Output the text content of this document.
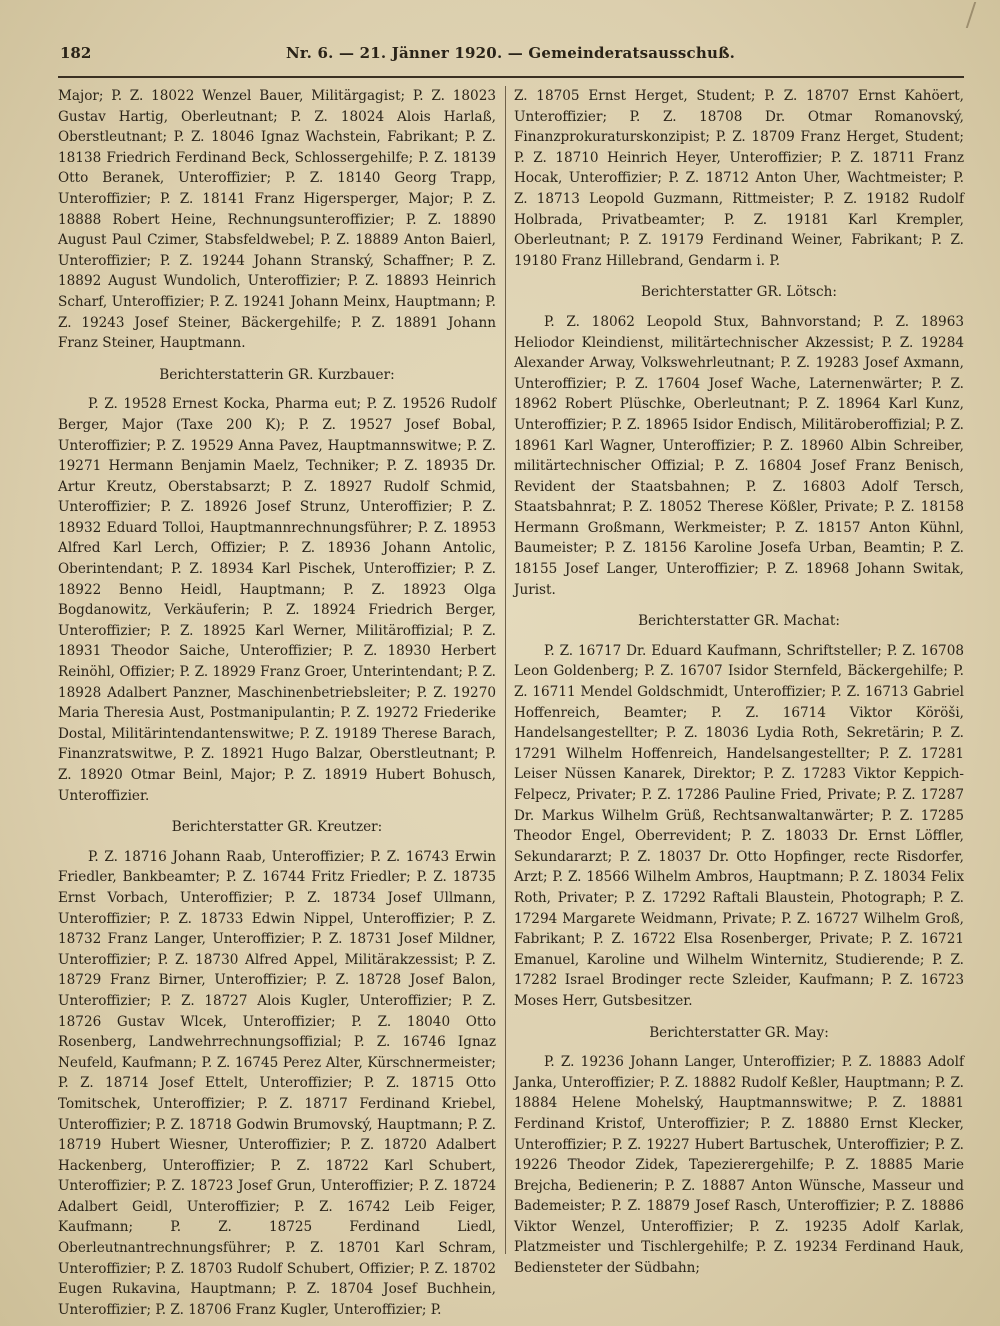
182	Nr. 6. — 21. Jänner 1920. — Gemeinderatsausschuß.

Major; P. Z. 18022 Wenzel Bauer, Militärgagist; P. Z. 18023 Gustav Hartig, Oberleutnant; P. Z. 18024 Alois Harlaß, Oberstleutnant; P. Z. 18046 Ignaz Wachstein, Fabrikant; P. Z. 18138 Friedrich Ferdinand Beck, Schlossergehilfe; P. Z. 18139 Otto Beranek, Unteroffizier; P. Z. 18140 Georg Trapp, Unteroffizier; P. Z. 18141 Franz Higersperger, Major; P. Z. 18888 Robert Heine, Rechnungsunteroffizier; P. Z. 18890 August Paul Czimer, Stabsfeldwebel; P. Z. 18889 Anton Baierl, Unteroffizier; P. Z. 19244 Johann Stranský, Schaffner; P. Z. 18892 August Wundolich, Unteroffizier; P. Z. 18893 Heinrich Scharf, Unteroffizier; P. Z. 19241 Johann Meinx, Hauptmann; P. Z. 19243 Josef Steiner, Bäckergehilfe; P. Z. 18891 Johann Franz Steiner, Hauptmann.

Berichterstatterin GR. Kurzbauer:

P. Z. 19528 Ernest Kocka, Pharma eut; P. Z. 19526 Rudolf Berger, Major (Taxe 200 K); P. Z. 19527 Josef Bobal, Unteroffizier; P. Z. 19529 Anna Pavez, Hauptmannswitwe; P. Z. 19271 Hermann Benjamin Maelz, Techniker; P. Z. 18935 Dr. Artur Kreutz, Oberstabsarzt; P. Z. 18927 Rudolf Schmid, Unteroffizier; P. Z. 18926 Josef Strunz, Unteroffizier; P. Z. 18932 Eduard Tolloi, Hauptmannrechnungsführer; P. Z. 18953 Alfred Karl Lerch, Offizier; P. Z. 18936 Johann Antolic, Oberintendant; P. Z. 18934 Karl Pischek, Unteroffizier; P. Z. 18922 Benno Heidl, Hauptmann; P. Z. 18923 Olga Bogdanowitz, Verkäuferin; P. Z. 18924 Friedrich Berger, Unteroffizier; P. Z. 18925 Karl Werner, Militäroffizial; P. Z. 18931 Theodor Saiche, Unteroffizier; P. Z. 18930 Herbert Reinöhl, Offizier; P. Z. 18929 Franz Groer, Unterintendant; P. Z. 18928 Adalbert Panzner, Maschinenbetriebsleiter; P. Z. 19270 Maria Theresia Aust, Postmanipulantin; P. Z. 19272 Friederike Dostal, Militärintendantenswitwe; P. Z. 19189 Therese Barach, Finanzratswitwe, P. Z. 18921 Hugo Balzar, Oberstleutnant; P. Z. 18920 Otmar Beinl, Major; P. Z. 18919 Hubert Bohusch, Unteroffizier.

Berichterstatter GR. Kreutzer:

P. Z. 18716 Johann Raab, Unteroffizier; P. Z. 16743 Erwin Friedler, Bankbeamter; P. Z. 16744 Fritz Friedler; P. Z. 18735 Ernst Vorbach, Unteroffizier; P. Z. 18734 Josef Ullmann, Unteroffizier; P. Z. 18733 Edwin Nippel, Unteroffizier; P. Z. 18732 Franz Langer, Unteroffizier; P. Z. 18731 Josef Mildner, Unteroffizier; P. Z. 18730 Alfred Appel, Militärakzessist; P. Z. 18729 Franz Birner, Unteroffizier; P. Z. 18728 Josef Balon, Unteroffizier; P. Z. 18727 Alois Kugler, Unteroffizier; P. Z. 18726 Gustav Wlcek, Unteroffizier; P. Z. 18040 Otto Rosenberg, Landwehrrechnungsoffizial; P. Z. 16746 Ignaz Neufeld, Kaufmann; P. Z. 16745 Perez Alter, Kürschnermeister; P. Z. 18714 Josef Ettelt, Unteroffizier; P. Z. 18715 Otto Tomitschek, Unteroffizier; P. Z. 18717 Ferdinand Kriebel, Unteroffizier; P. Z. 18718 Godwin Brumovský, Hauptmann; P. Z. 18719 Hubert Wiesner, Unteroffizier; P. Z. 18720 Adalbert Hackenberg, Unteroffizier; P. Z. 18722 Karl Schubert, Unteroffizier; P. Z. 18723 Josef Grun, Unteroffizier; P. Z. 18724 Adalbert Geidl, Unteroffizier; P. Z. 16742 Leib Feiger, Kaufmann; P. Z. 18725 Ferdinand Liedl, Oberleutnantrechnungsführer; P. Z. 18701 Karl Schram, Unteroffizier; P. Z. 18703 Rudolf Schubert, Offizier; P. Z. 18702 Eugen Rukavina, Hauptmann; P. Z. 18704 Josef Buchhein, Unteroffizier; P. Z. 18706 Franz Kugler, Unteroffizier; P.

Z. 18705 Ernst Herget, Student; P. Z. 18707 Ernst Kahöert, Unteroffizier; P. Z. 18708 Dr. Otmar Romanovský, Finanzprokuraturskonzipist; P. Z. 18709 Franz Herget, Student; P. Z. 18710 Heinrich Heyer, Unteroffizier; P. Z. 18711 Franz Hocak, Unteroffizier; P. Z. 18712 Anton Uher, Wachtmeister; P. Z. 18713 Leopold Guzmann, Rittmeister; P. Z. 19182 Rudolf Holbrada, Privatbeamter; P. Z. 19181 Karl Krempler, Oberleutnant; P. Z. 19179 Ferdinand Weiner, Fabrikant; P. Z. 19180 Franz Hillebrand, Gendarm i. P.

Berichterstatter GR. Lötsch:

P. Z. 18062 Leopold Stux, Bahnvorstand; P. Z. 18963 Heliodor Kleindienst, militärtechnischer Akzessist; P. Z. 19284 Alexander Arway, Volkswehrleutnant; P. Z. 19283 Josef Axmann, Unteroffizier; P. Z. 17604 Josef Wache, Laternenwärter; P. Z. 18962 Robert Plüschke, Oberleutnant; P. Z. 18964 Karl Kunz, Unteroffizier; P. Z. 18965 Isidor Endisch, Militäroberoffizial; P. Z. 18961 Karl Wagner, Unteroffizier; P. Z. 18960 Albin Schreiber, militärtechnischer Offizial; P. Z. 16804 Josef Franz Benisch, Revident der Staatsbahnen; P. Z. 16803 Adolf Tersch, Staatsbahnrat; P. Z. 18052 Therese Kößler, Private; P. Z. 18158 Hermann Großmann, Werkmeister; P. Z. 18157 Anton Kühnl, Baumeister; P. Z. 18156 Karoline Josefa Urban, Beamtin; P. Z. 18155 Josef Langer, Unteroffizier; P. Z. 18968 Johann Switak, Jurist.

Berichterstatter GR. Machat:

P. Z. 16717 Dr. Eduard Kaufmann, Schriftsteller; P. Z. 16708 Leon Goldenberg; P. Z. 16707 Isidor Sternfeld, Bäckergehilfe; P. Z. 16711 Mendel Goldschmidt, Unteroffizier; P. Z. 16713 Gabriel Hoffenreich, Beamter; P. Z. 16714 Viktor Köröši, Handelsangestellter; P. Z. 18036 Lydia Roth, Sekretärin; P. Z. 17291 Wilhelm Hoffenreich, Handelsangestellter; P. Z. 17281 Leiser Nüssen Kanarek, Direktor; P. Z. 17283 Viktor Keppich-Felpecz, Privater; P. Z. 17286 Pauline Fried, Private; P. Z. 17287 Dr. Markus Wilhelm Grüß, Rechtsanwaltanwärter; P. Z. 17285 Theodor Engel, Oberrevident; P. Z. 18033 Dr. Ernst Löffler, Sekundararzt; P. Z. 18037 Dr. Otto Hopfinger, recte Risdorfer, Arzt; P. Z. 18566 Wilhelm Ambros, Hauptmann; P. Z. 18034 Felix Roth, Privater; P. Z. 17292 Raftali Blaustein, Photograph; P. Z. 17294 Margarete Weidmann, Private; P. Z. 16727 Wilhelm Groß, Fabrikant; P. Z. 16722 Elsa Rosenberger, Private; P. Z. 16721 Emanuel, Karoline und Wilhelm Winternitz, Studierende; P. Z. 17282 Israel Brodinger recte Szleider, Kaufmann; P. Z. 16723 Moses Herr, Gutsbesitzer.

Berichterstatter GR. May:

P. Z. 19236 Johann Langer, Unteroffizier; P. Z. 18883 Adolf Janka, Unteroffizier; P. Z. 18882 Rudolf Keßler, Hauptmann; P. Z. 18884 Helene Mohelský, Hauptmannswitwe; P. Z. 18881 Ferdinand Kristof, Unteroffizier; P. Z. 18880 Ernst Klecker, Unteroffizier; P. Z. 19227 Hubert Bartuschek, Unteroffizier; P. Z. 19226 Theodor Zidek, Tapezierergehilfe; P. Z. 18885 Marie Brejcha, Bedienerin; P. Z. 18887 Anton Wünsche, Masseur und Bademeister; P. Z. 18879 Josef Rasch, Unteroffizier; P. Z. 18886 Viktor Wenzel, Unteroffizier; P. Z. 19235 Adolf Karlak, Platzmeister und Tischlergehilfe; P. Z. 19234 Ferdinand Hauk, Bediensteter der Südbahn;
